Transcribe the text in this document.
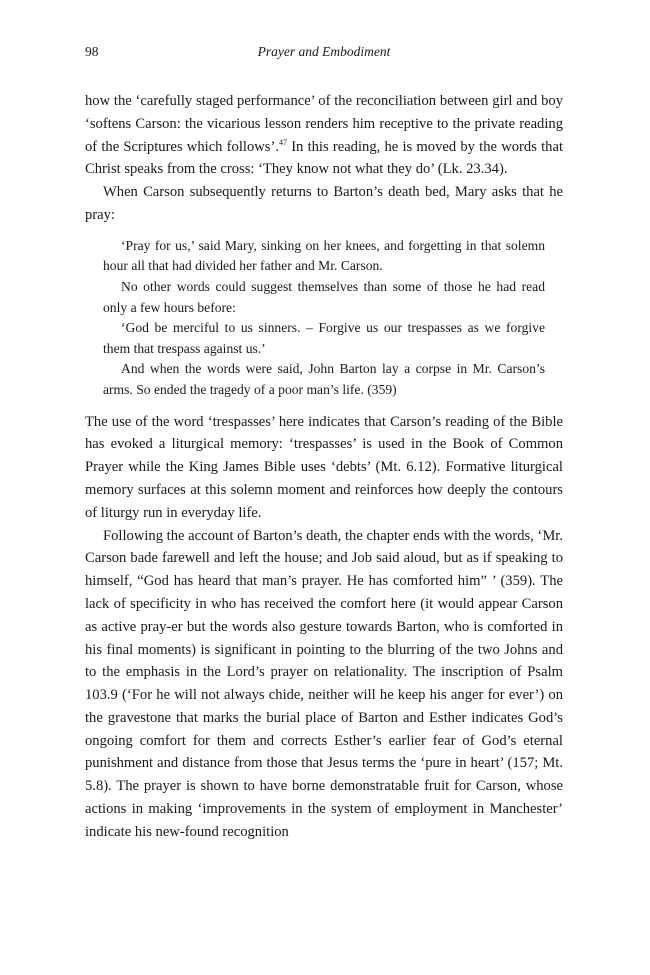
98	Prayer and Embodiment

how the ‘carefully staged performance’ of the reconciliation between girl and boy ‘softens Carson: the vicarious lesson renders him receptive to the private reading of the Scriptures which follows’.$^{47}$ In this reading, he is moved by the words that Christ speaks from the cross: ‘They know not what they do’ (Lk. 23.34).

When Carson subsequently returns to Barton’s death bed, Mary asks that he pray:

‘Pray for us,’ said Mary, sinking on her knees, and forgetting in that solemn hour all that had divided her father and Mr. Carson.

No other words could suggest themselves than some of those he had read only a few hours before:

‘God be merciful to us sinners. – Forgive us our trespasses as we forgive them that trespass against us.’

And when the words were said, John Barton lay a corpse in Mr. Carson’s arms. So ended the tragedy of a poor man’s life. (359)

The use of the word ‘trespasses’ here indicates that Carson’s reading of the Bible has evoked a liturgical memory: ‘trespasses’ is used in the Book of Common Prayer while the King James Bible uses ‘debts’ (Mt. 6.12). Formative liturgical memory surfaces at this solemn moment and reinforces how deeply the contours of liturgy run in everyday life.

Following the account of Barton’s death, the chapter ends with the words, ‘Mr. Carson bade farewell and left the house; and Job said aloud, but as if speaking to himself, “God has heard that man’s prayer. He has comforted him” ’ (359). The lack of specificity in who has received the comfort here (it would appear Carson as active pray-er but the words also gesture towards Barton, who is comforted in his final moments) is significant in pointing to the blurring of the two Johns and to the emphasis in the Lord’s prayer on relationality. The inscription of Psalm 103.9 (‘For he will not always chide, neither will he keep his anger for ever’) on the gravestone that marks the burial place of Barton and Esther indicates God’s ongoing comfort for them and corrects Esther’s earlier fear of God’s eternal punishment and distance from those that Jesus terms the ‘pure in heart’ (157; Mt. 5.8). The prayer is shown to have borne demonstratable fruit for Carson, whose actions in making ‘improvements in the system of employment in Manchester’ indicate his new-found recognition
